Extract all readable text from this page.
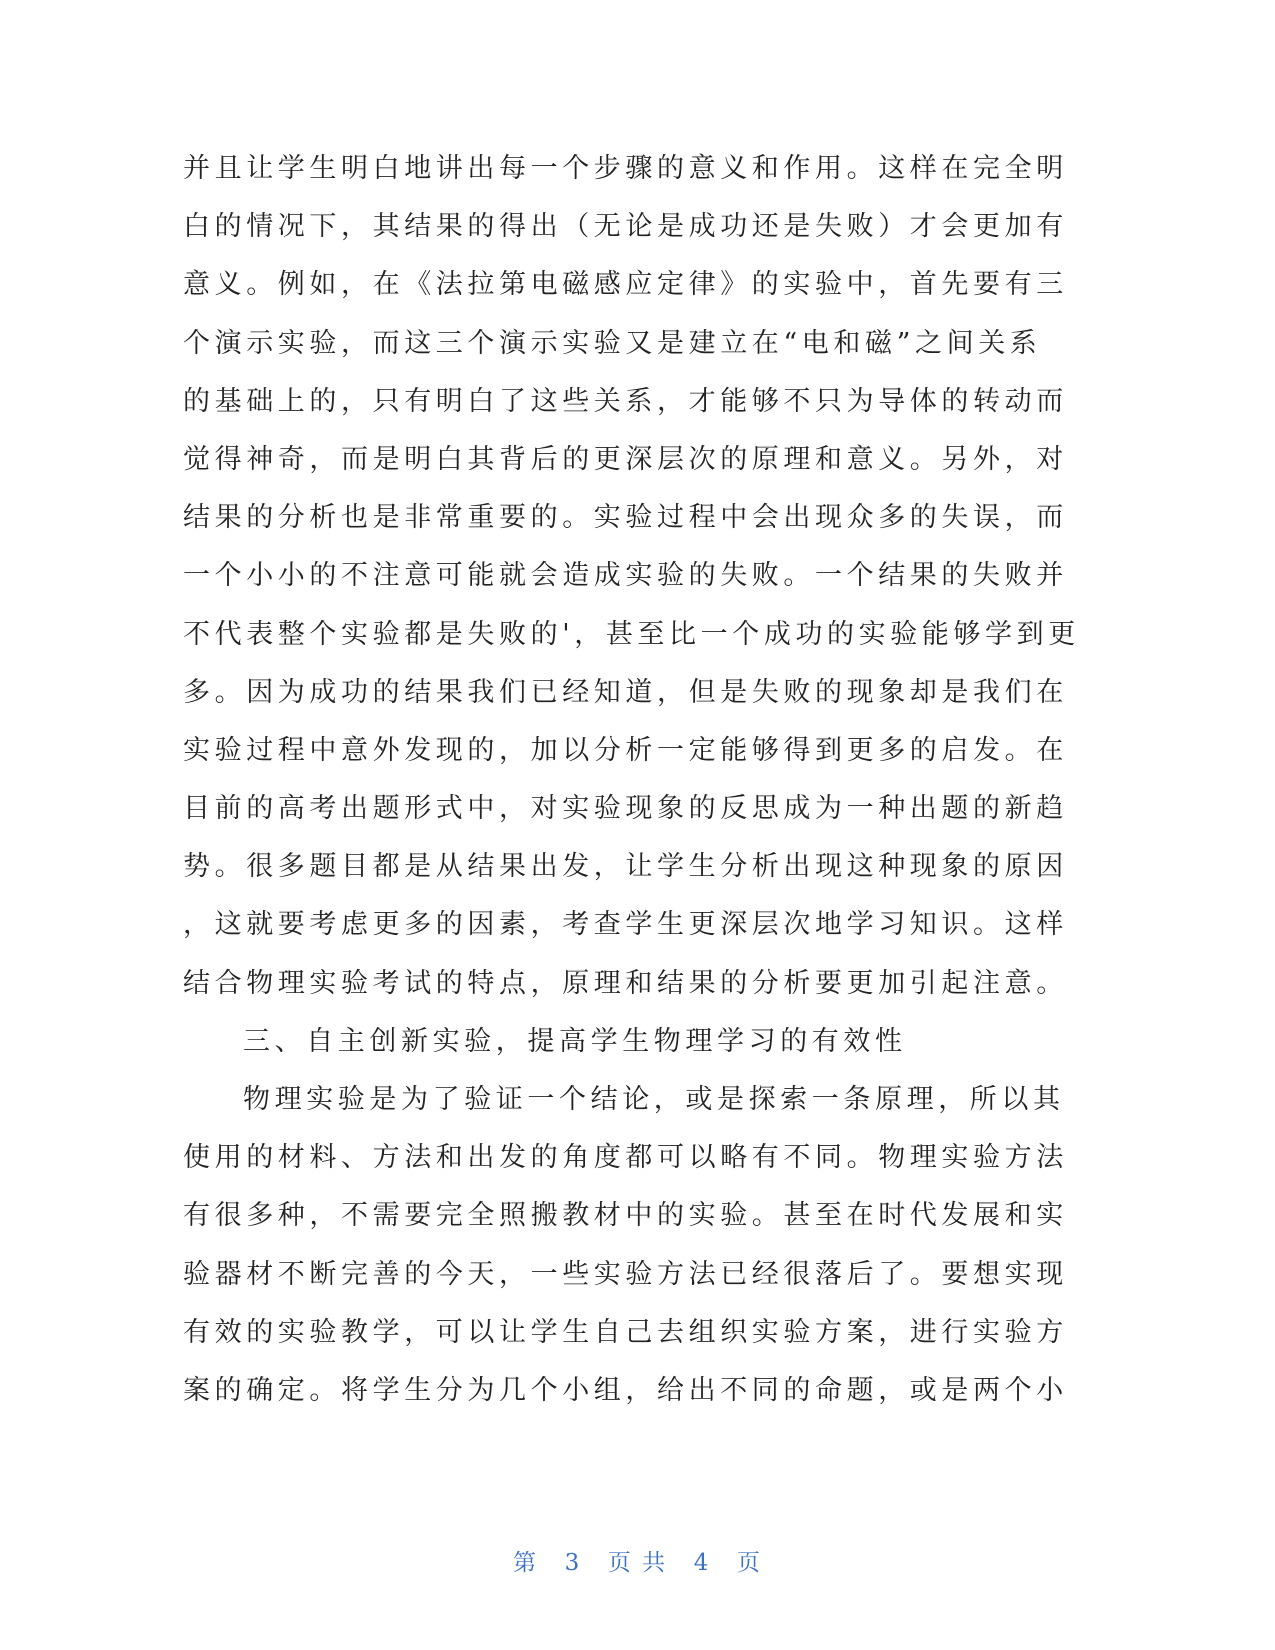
并且让学生明白地讲出每一个步骤的意义和作用。这样在完全明
白的情况下，其结果的得出（无论是成功还是失败）才会更加有
意义。例如，在《法拉第电磁感应定律》的实验中，首先要有三
个演示实验，而这三个演示实验又是建立在“电和磁”之间关系
的基础上的，只有明白了这些关系，才能够不只为导体的转动而
觉得神奇，而是明白其背后的更深层次的原理和意义。另外，对
结果的分析也是非常重要的。实验过程中会出现众多的失误，而
一个小小的不注意可能就会造成实验的失败。一个结果的失败并
不代表整个实验都是失败的'，甚至比一个成功的实验能够学到更
多。因为成功的结果我们已经知道，但是失败的现象却是我们在
实验过程中意外发现的，加以分析一定能够得到更多的启发。在
目前的高考出题形式中，对实验现象的反思成为一种出题的新趋
势。很多题目都是从结果出发，让学生分析出现这种现象的原因
，这就要考虑更多的因素，考查学生更深层次地学习知识。这样
结合物理实验考试的特点，原理和结果的分析要更加引起注意。
三、自主创新实验，提高学生物理学习的有效性
物理实验是为了验证一个结论，或是探索一条原理，所以其
使用的材料、方法和出发的角度都可以略有不同。物理实验方法
有很多种，不需要完全照搬教材中的实验。甚至在时代发展和实
验器材不断完善的今天，一些实验方法已经很落后了。要想实现
有效的实验教学，可以让学生自己去组织实验方案，进行实验方
案的确定。将学生分为几个小组，给出不同的命题，或是两个小
第 3 页 共 4 页
